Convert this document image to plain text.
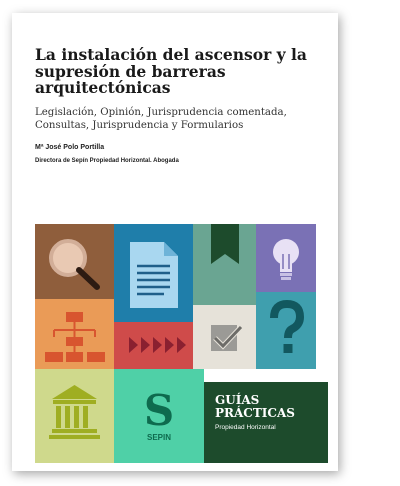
La instalación del ascensor y la supresión de barreras arquitectónicas
Legislación, Opinión, Jurisprudencia comentada, Consultas, Jurisprudencia y Formularios
Mª José Polo Portilla
Directora de Sepín Propiedad Horizontal. Abogada
S
SEPIN
GUÍAS PRÁCTICAS
Propiedad Horizontal
